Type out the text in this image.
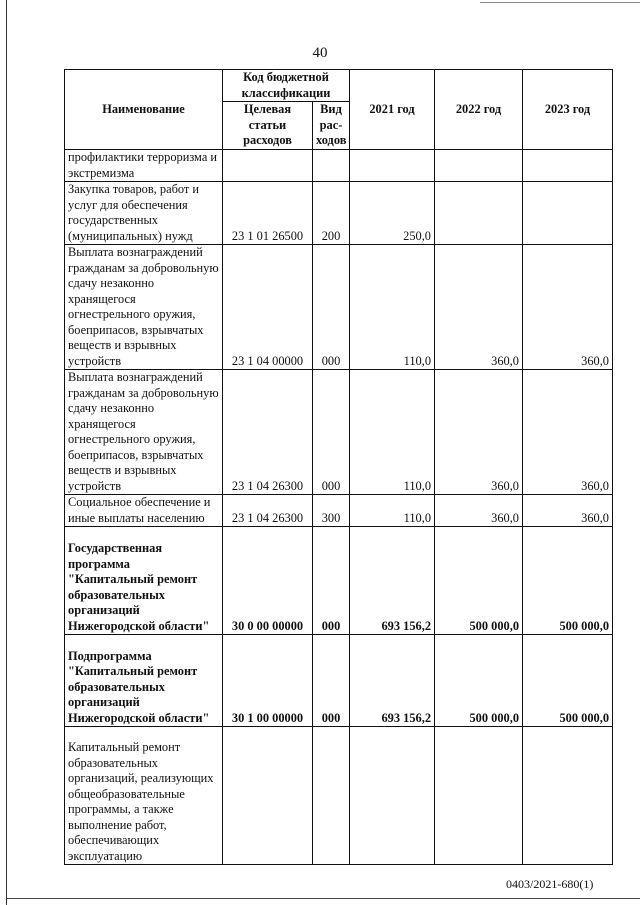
40
Наименование	Код бюджетной классификации		2021 год	2022 год	2023 год
	Целевая статьи расходов	Вид рас-ходов			
профилактики терроризма и экстремизма					
Закупка товаров, работ и услуг для обеспечения государственных (муниципальных) нужд	23 1 01 26500	200	250,0		
Выплата вознаграждений гражданам за добровольную сдачу незаконно хранящегося огнестрельного оружия, боеприпасов, взрывчатых веществ и взрывных устройств	23 1 04 00000	000	110,0	360,0	360,0
Выплата вознаграждений гражданам за добровольную сдачу незаконно хранящегося огнестрельного оружия, боеприпасов, взрывчатых веществ и взрывных устройств	23 1 04 26300	000	110,0	360,0	360,0
Социальное обеспечение и иные выплаты населению	23 1 04 26300	300	110,0	360,0	360,0
Государственная программа "Капитальный ремонт образовательных организаций Нижегородской области"	30 0 00 00000	000	693 156,2	500 000,0	500 000,0
Подпрограмма "Капитальный ремонт образовательных организаций Нижегородской области"	30 1 00 00000	000	693 156,2	500 000,0	500 000,0
Капитальный ремонт образовательных организаций, реализующих общеобразовательные программы, а также выполнение работ, обеспечивающих эксплуатацию					
0403/2021-680(1)
